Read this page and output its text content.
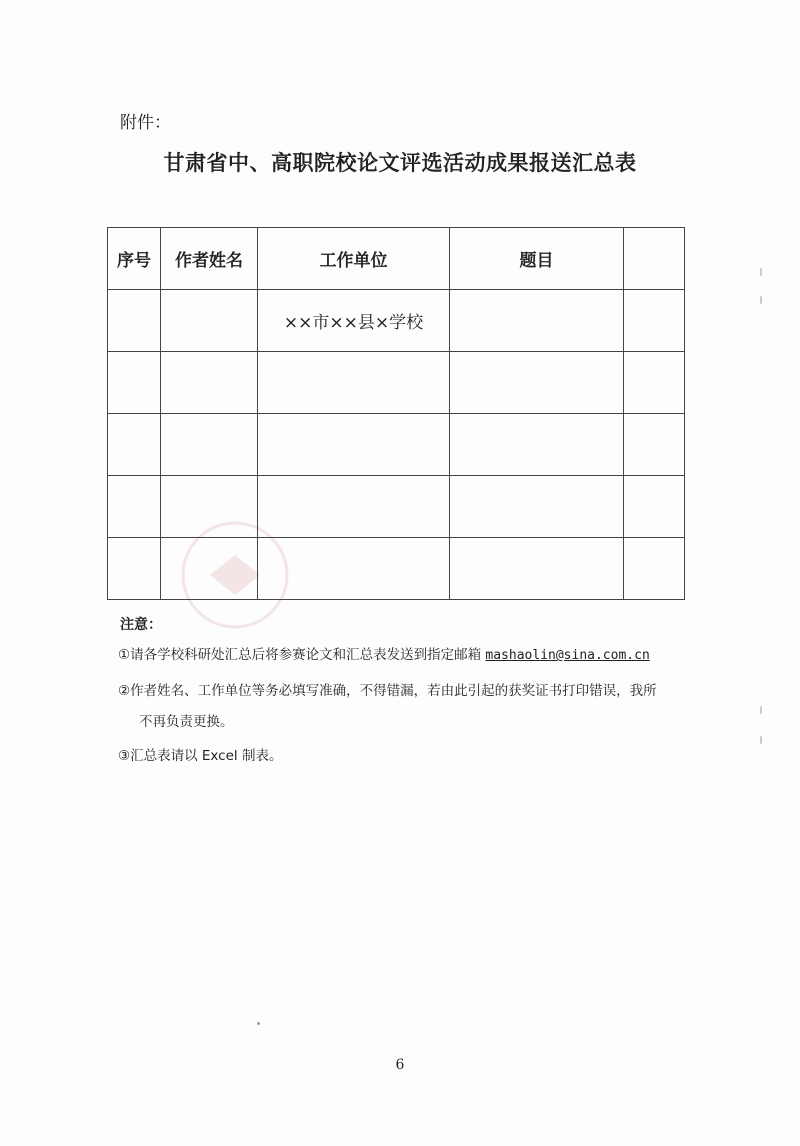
附件：
甘肃省中、高职院校论文评选活动成果报送汇总表
序号	作者姓名	工作单位	题目	
		××市××县×学校		

注意：
①请各学校科研处汇总后将参赛论文和汇总表发送到指定邮箱 mashaolin@sina.com.cn
②作者姓名、工作单位等务必填写准确，不得错漏，若由此引起的获奖证书打印错误，我所
不再负责更换。
③汇总表请以 Excel 制表。
6
